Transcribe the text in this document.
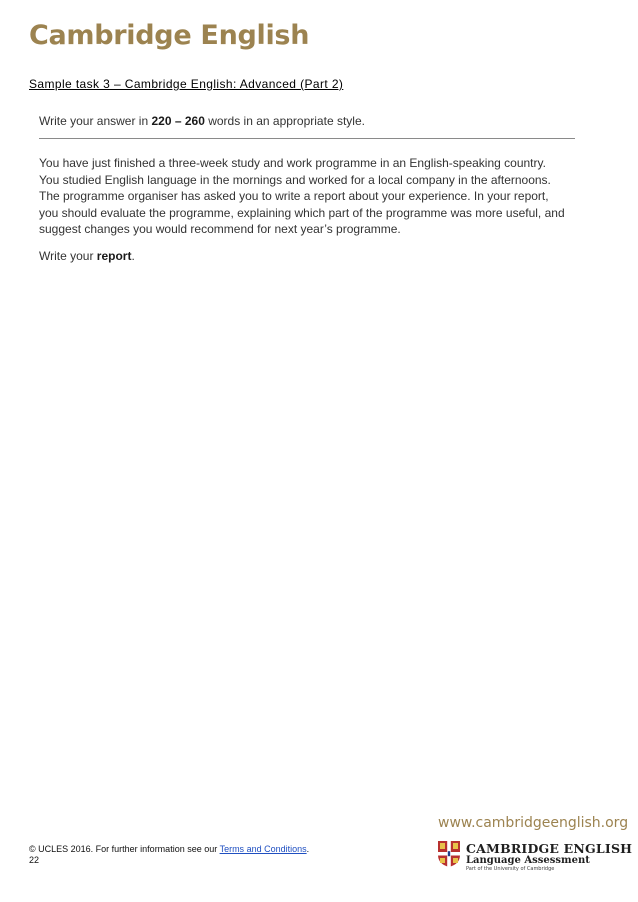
Cambridge English
Sample task 3 – Cambridge English: Advanced (Part 2)
Write your answer in 220 – 260 words in an appropriate style.

You have just finished a three-week study and work programme in an English-speaking country.

You studied English language in the mornings and worked for a local company in the afternoons.

The programme organiser has asked you to write a report about your experience. In your report,

you should evaluate the programme, explaining which part of the programme was more useful, and

suggest changes you would recommend for next year’s programme.

Write your report.
© UCLES 2016. For further information see our Terms and Conditions.
22
www.cambridgeenglish.org
CAMBRIDGE ENGLISH
Language Assessment
Part of the University of Cambridge
